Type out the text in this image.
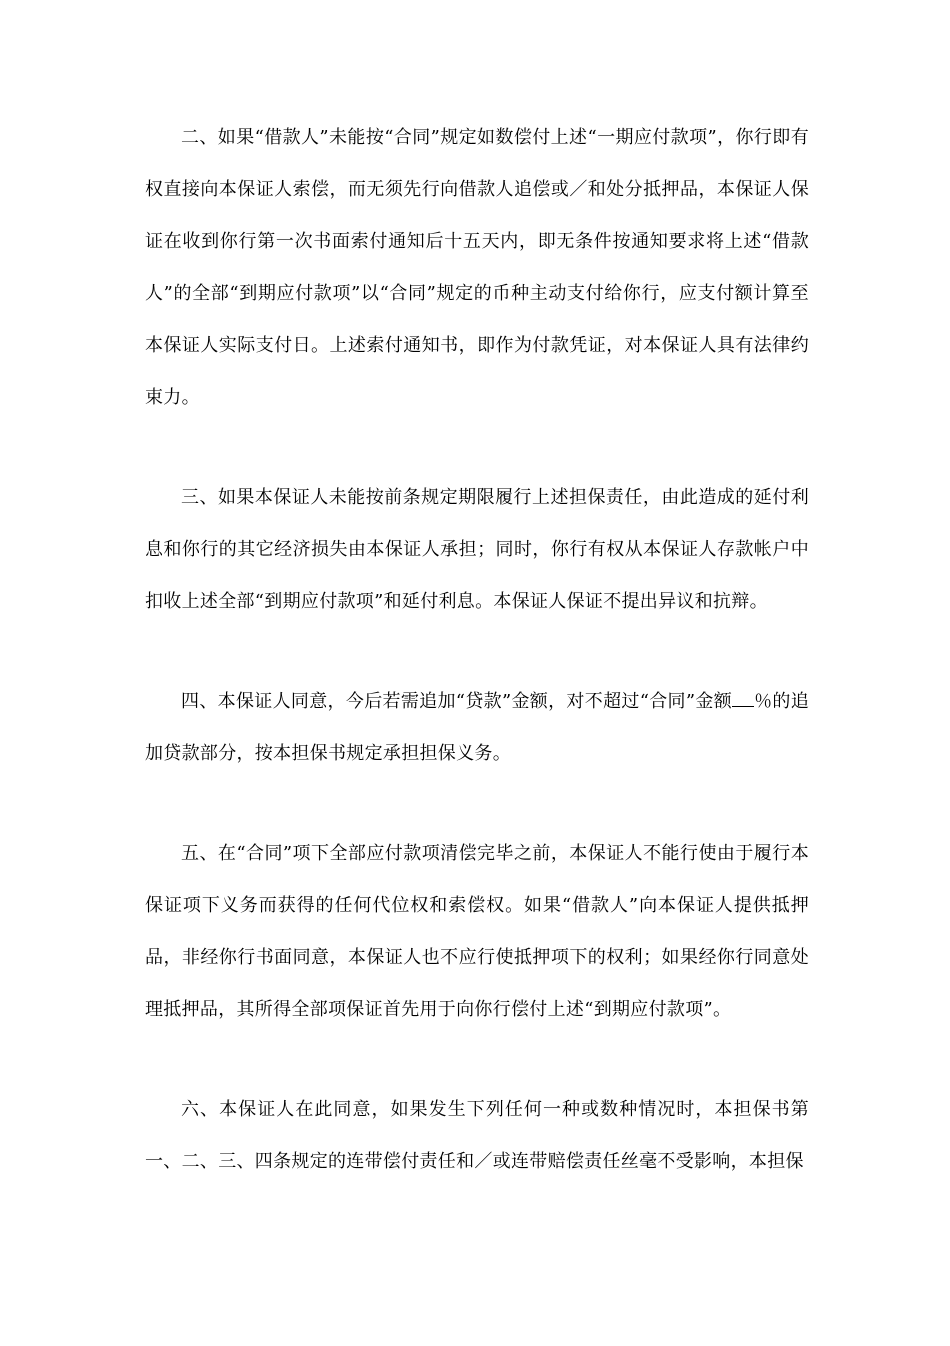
二、如果“借款人”未能按“合同”规定如数偿付上述“一期应付款项”，你行即有权直接向本保证人索偿，而无须先行向借款人追偿或／和处分抵押品，本保证人保证在收到你行第一次书面索付通知后十五天内，即无条件按通知要求将上述“借款人”的全部“到期应付款项”以“合同”规定的币种主动支付给你行，应支付额计算至本保证人实际支付日。上述索付通知书，即作为付款凭证，对本保证人具有法律约束力。

三、如果本保证人未能按前条规定期限履行上述担保责任，由此造成的延付利息和你行的其它经济损失由本保证人承担；同时，你行有权从本保证人存款帐户中扣收上述全部“到期应付款项”和延付利息。本保证人保证不提出异议和抗辩。

四、本保证人同意，今后若需追加“贷款”金额，对不超过“合同”金额 ％的追加贷款部分，按本担保书规定承担担保义务。

五、在“合同”项下全部应付款项清偿完毕之前，本保证人不能行使由于履行本保证项下义务而获得的任何代位权和索偿权。如果“借款人”向本保证人提供抵押品，非经你行书面同意，本保证人也不应行使抵押项下的权利；如果经你行同意处理抵押品，其所得全部项保证首先用于向你行偿付上述“到期应付款项”。

六、本保证人在此同意，如果发生下列任何一种或数种情况时，本担保书第一、二、三、四条规定的连带偿付责任和／或连带赔偿责任丝毫不受影响，本担保
